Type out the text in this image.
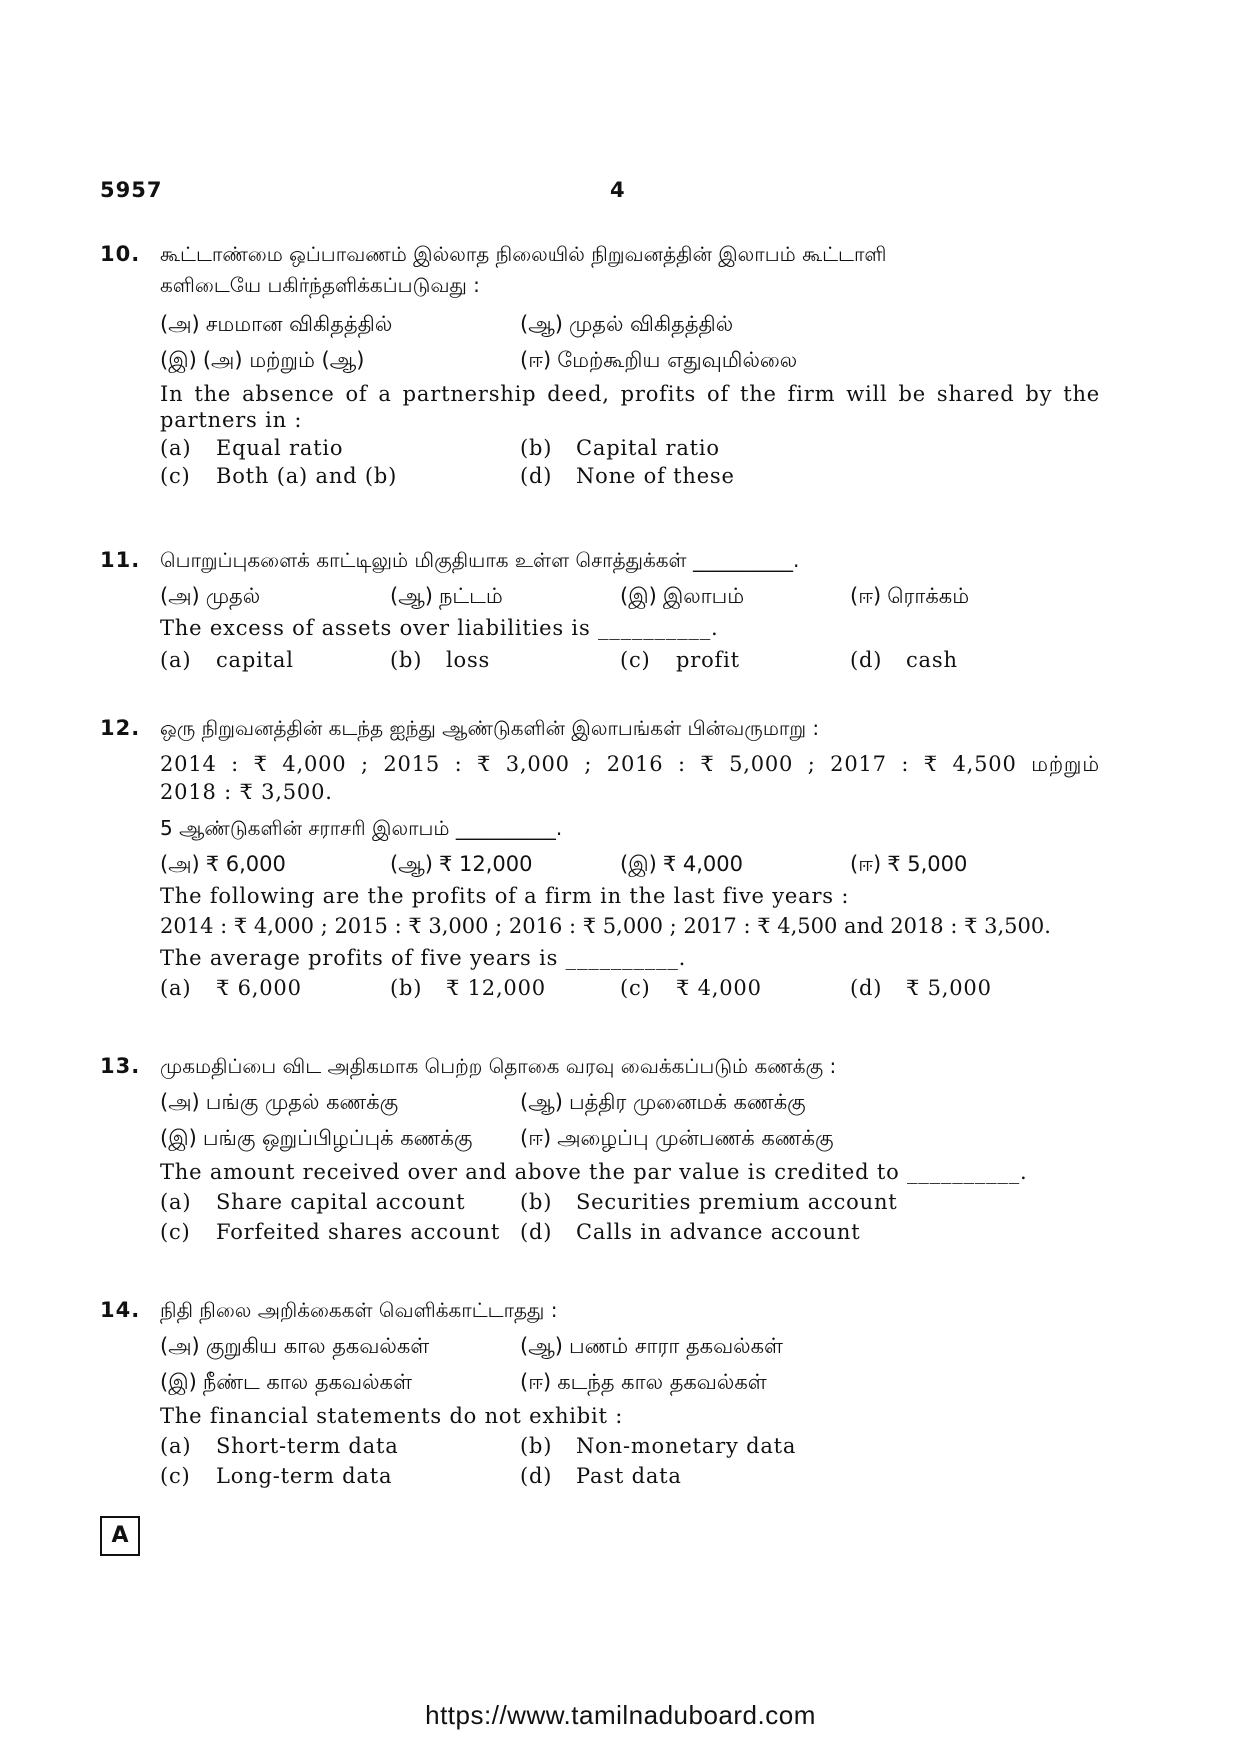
5957	4
10. கூட்டாண்மை ஒப்பாவணம் இல்லாத நிலையில் நிறுவனத்தின் இலாபம் கூட்டாளி
களிடையே பகிர்ந்தளிக்கப்படுவது :
(அ) சமமான விகிதத்தில்	(ஆ) முதல் விகிதத்தில்
(இ) (அ) மற்றும் (ஆ)	(ஈ) மேற்கூறிய எதுவுமில்லை
In the absence of a partnership deed, profits of the firm will be shared by the
partners in :
(a) Equal ratio	(b) Capital ratio
(c) Both (a) and (b)	(d) None of these
11. பொறுப்புகளைக் காட்டிலும் மிகுதியாக உள்ள சொத்துக்கள் __________.
(அ) முதல்	(ஆ) நட்டம்	(இ) இலாபம்	(ஈ) ரொக்கம்
The excess of assets over liabilities is __________.
(a) capital	(b) loss	(c) profit	(d) cash
12. ஒரு நிறுவனத்தின் கடந்த ஐந்து ஆண்டுகளின் இலாபங்கள் பின்வருமாறு :
2014 : ₹ 4,000 ; 2015 : ₹ 3,000 ; 2016 : ₹ 5,000 ; 2017 : ₹ 4,500 மற்றும்
2018 : ₹ 3,500.
5 ஆண்டுகளின் சராசரி இலாபம் __________.
(அ) ₹ 6,000	(ஆ) ₹ 12,000	(இ) ₹ 4,000	(ஈ) ₹ 5,000
The following are the profits of a firm in the last five years :
2014 : ₹ 4,000 ; 2015 : ₹ 3,000 ; 2016 : ₹ 5,000 ; 2017 : ₹ 4,500 and 2018 : ₹ 3,500.
The average profits of five years is __________.
(a) ₹ 6,000	(b) ₹ 12,000	(c) ₹ 4,000	(d) ₹ 5,000
13. முகமதிப்பை விட அதிகமாக பெற்ற தொகை வரவு வைக்கப்படும் கணக்கு :
(அ) பங்கு முதல் கணக்கு	(ஆ) பத்திர முனைமக் கணக்கு
(இ) பங்கு ஒறுப்பிழப்புக் கணக்கு (ஈ) அழைப்பு முன்பணக் கணக்கு
The amount received over and above the par value is credited to __________.
(a) Share capital account	(b) Securities premium account
(c) Forfeited shares account (d) Calls in advance account
14. நிதி நிலை அறிக்கைகள் வெளிக்காட்டாதது :
(அ) குறுகிய கால தகவல்கள்	(ஆ) பணம் சாரா தகவல்கள்
(இ) நீண்ட கால தகவல்கள்	(ஈ) கடந்த கால தகவல்கள்
The financial statements do not exhibit :
(a) Short-term data	(b) Non-monetary data
(c) Long-term data	(d) Past data
A
https://www.tamilnaduboard.com
